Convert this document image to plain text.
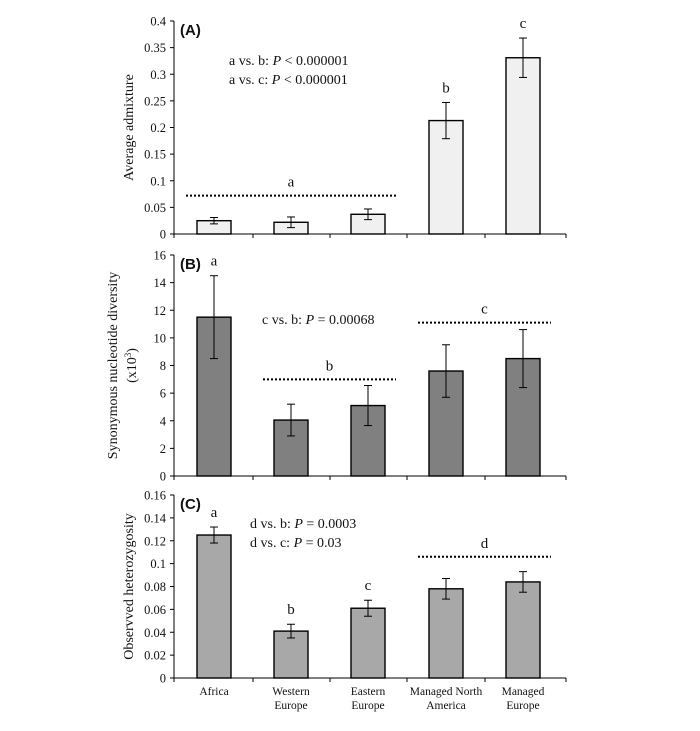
0
0.05
0.1
0.15
0.2
0.25
0.3
0.35
0.4
a
b
c
(A)
a vs. b: P < 0.000001
a vs. c: P < 0.000001
Average admixture
0
2
4
6
8
10
12
14
16
b
c
a
(B)
c vs. b: P = 0.00068
Synonymous nucleotide diversity $(x10^3)$
0
0.02
0.04
0.06
0.08
0.1
0.12
0.14
0.16
d
a
b
c
(C)
d vs. b: P = 0.0003
d vs. c: P = 0.03
Observved heterozygosity
Africa	Western
Europe
Eastern
Europe
Managed North
America
Managed
Europe
